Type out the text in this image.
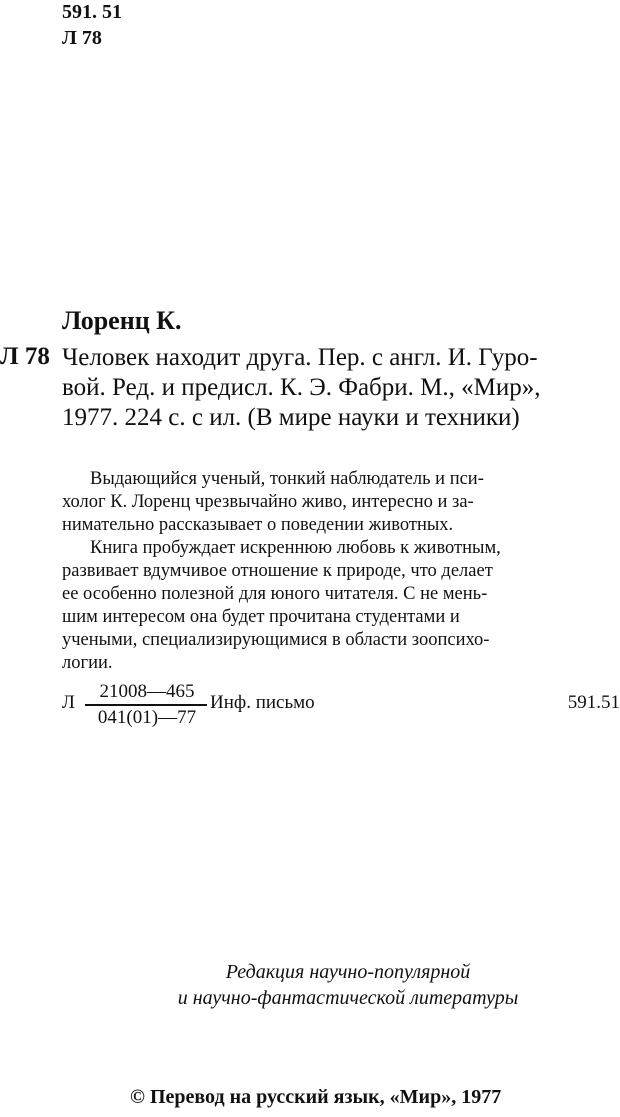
591. 51
Л 78
Лоренц К.
Л 78 Человек находит друга. Пер. с англ. И. Гуро-
вой. Ред. и предисл. К. Э. Фабри. М., «Мир»,
1977. 224 с. с ил. (В мире науки и техники)
Выдающийся ученый, тонкий наблюдатель и пси-
холог К. Лоренц чрезвычайно живо, интересно и за-
нимательно рассказывает о поведении животных.
Книга пробуждает искреннюю любовь к животным,
развивает вдумчивое отношение к природе, что делает
ее особенно полезной для юного читателя. С не мень-
шим интересом она будет прочитана студентами и
учеными, специализирующимися в области зоопсихо-
логии.
Л
21008—465
041(01)—77
Инф. письмо	591.51
Редакция научно-популярной
и научно-фантастической литературы
© Перевод на русский язык, «Мир», 1977
